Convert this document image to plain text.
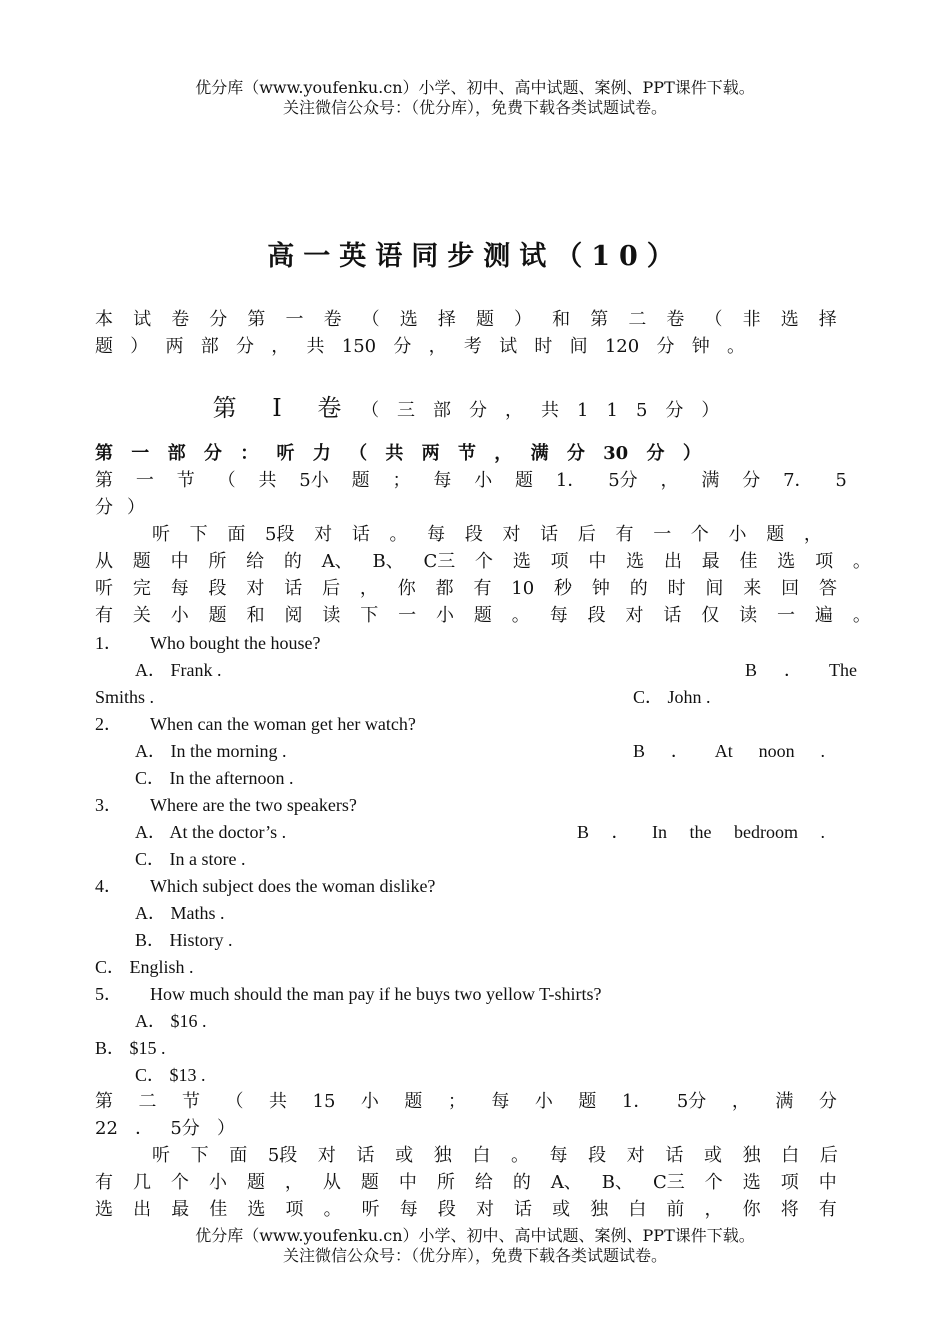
优分库（www.youfenku.cn）小学、初中、高中试题、案例、PPT课件下载。
关注微信公众号：（优分库），免费下载各类试题试卷。
高一英语同步测试（10）
本 试 卷 分 第 一 卷 （ 选 择 题 ） 和 第 二 卷 （ 非 选 择
题 ） 两 部 分 ， 共 150 分 ， 考 试 时 间 120 分 钟 。
第 Ⅰ 卷 （三部分，共115分）
第 一 部 分 ： 听 力 （ 共 两 节 ， 满 分 30 分 ）
第 一 节 （ 共 5小 题 ； 每 小 题 1． 5分 ， 满 分 7． 5
分）
听 下 面 5段 对 话 。 每 段 对 话 后 有 一 个 小 题 ，
从 题 中 所 给 的 A、 B、 C三 个 选 项 中 选 出 最 佳 选 项 。
听 完 每 段 对 话 后 ， 你 都 有 10 秒 钟 的 时 间 来 回 答
有 关 小 题 和 阅 读 下 一 小 题 。 每 段 对 话 仅 读 一 遍 。
1． Who bought the house?
A． Frank .	B ． The
Smiths .	C． John .
2． When can the woman get her watch?
A． In the morning .	B ． At noon .
C． In the afternoon .
3． Where are the two speakers?
A． At the doctor’s .	B ． In the bedroom .
C． In a store .
4． Which subject does the woman dislike?
A． Maths .
B． History .
C． English .
5． How much should the man pay if he buys two yellow T-shirts?
A． $16 .
B． $15 .
C． $13 .
第 二 节 （ 共 15 小 题 ； 每 小 题 1． 5分 ， 满 分
22 ． 5分 ）
听 下 面 5段 对 话 或 独 白 。 每 段 对 话 或 独 白 后
有 几 个 小 题 ， 从 题 中 所 给 的 A、 B、 C三 个 选 项 中
选 出 最 佳 选 项 。 听 每 段 对 话 或 独 白 前 ， 你 将 有
优分库（www.youfenku.cn）小学、初中、高中试题、案例、PPT课件下载。
关注微信公众号：（优分库），免费下载各类试题试卷。
